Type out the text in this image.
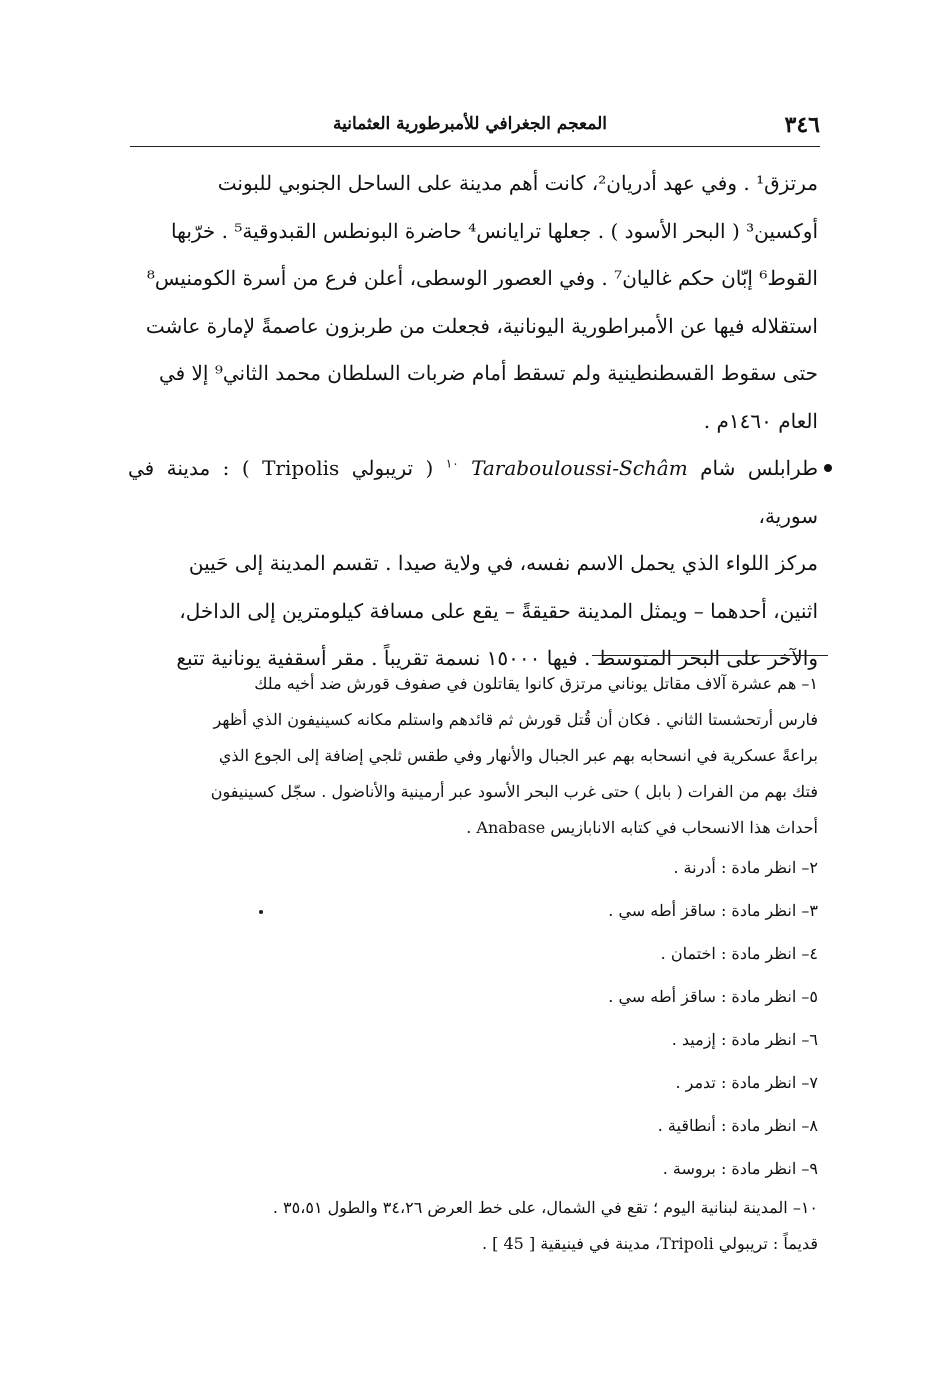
٣٤٦
المعجم الجغرافي للأمبرطورية العثمانية

مرتزق¹ . وفي عهد أدريان²، كانت أهم مدينة على الساحل الجنوبي للبونت

أوكسين³ ( البحر الأسود ) . جعلها ترايانس⁴ حاضرة البونطس القبدوقية⁵ . خرّبها

القوط⁶ إبّان حكم غاليان⁷ . وفي العصور الوسطى، أعلن فرع من أسرة الكومنيس⁸

استقلاله فيها عن الأمبراطورية اليونانية، فجعلت من طربزون عاصمةً لإمارة عاشت

حتى سقوط القسطنطينية ولم تسقط أمام ضربات السلطان محمد الثاني⁹ إلا في

العام ١٤٦٠م .

طرابلس شام Tarabouloussi-Schâm $^{١٠}$ ( تريبولي Tripolis ) : مدينة في سورية،

مركز اللواء الذي يحمل الاسم نفسه، في ولاية صيدا . تقسم المدينة إلى حَيين

اثنين، أحدهما – ويمثل المدينة حقيقةً – يقع على مسافة كيلومترين إلى الداخل،

والآخر على البحر المتوسط . فيها ١٥٠٠٠ نسمة تقريباً . مقر أسقفية يونانية تتبع

١– هم عشرة آلاف مقاتل يوناني مرتزق كانوا يقاتلون في صفوف قورش ضد أخيه ملك

فارس أرتحشستا الثاني . فكان أن قُتل قورش ثم قائدهم واستلم مكانه كسينيفون الذي أظهر

براعةً عسكرية في انسحابه بهم عبر الجبال والأنهار وفي طقس ثلجي إضافة إلى الجوع الذي

فتك بهم من الفرات ( بابل ) حتى غرب البحر الأسود عبر أرمينية والأناضول . سجّل كسينيفون

أحداث هذا الانسحاب في كتابه الانابازيس Anabase .

٢– انظر مادة : أدرنة .

٣– انظر مادة : ساقز أطه سي .

٤– انظر مادة : اختمان .

٥– انظر مادة : ساقز أطه سي .

٦– انظر مادة : إزميد .

٧– انظر مادة : تدمر .

٨– انظر مادة : أنطاقية .

٩– انظر مادة : بروسة .

١٠– المدينة لبنانية اليوم ؛ تقع في الشمال، على خط العرض ٣٤،٢٦ والطول ٣٥،٥١ .

قديماً : تريبولي Tripoli، مدينة في فينيقية [ 45 ] .
